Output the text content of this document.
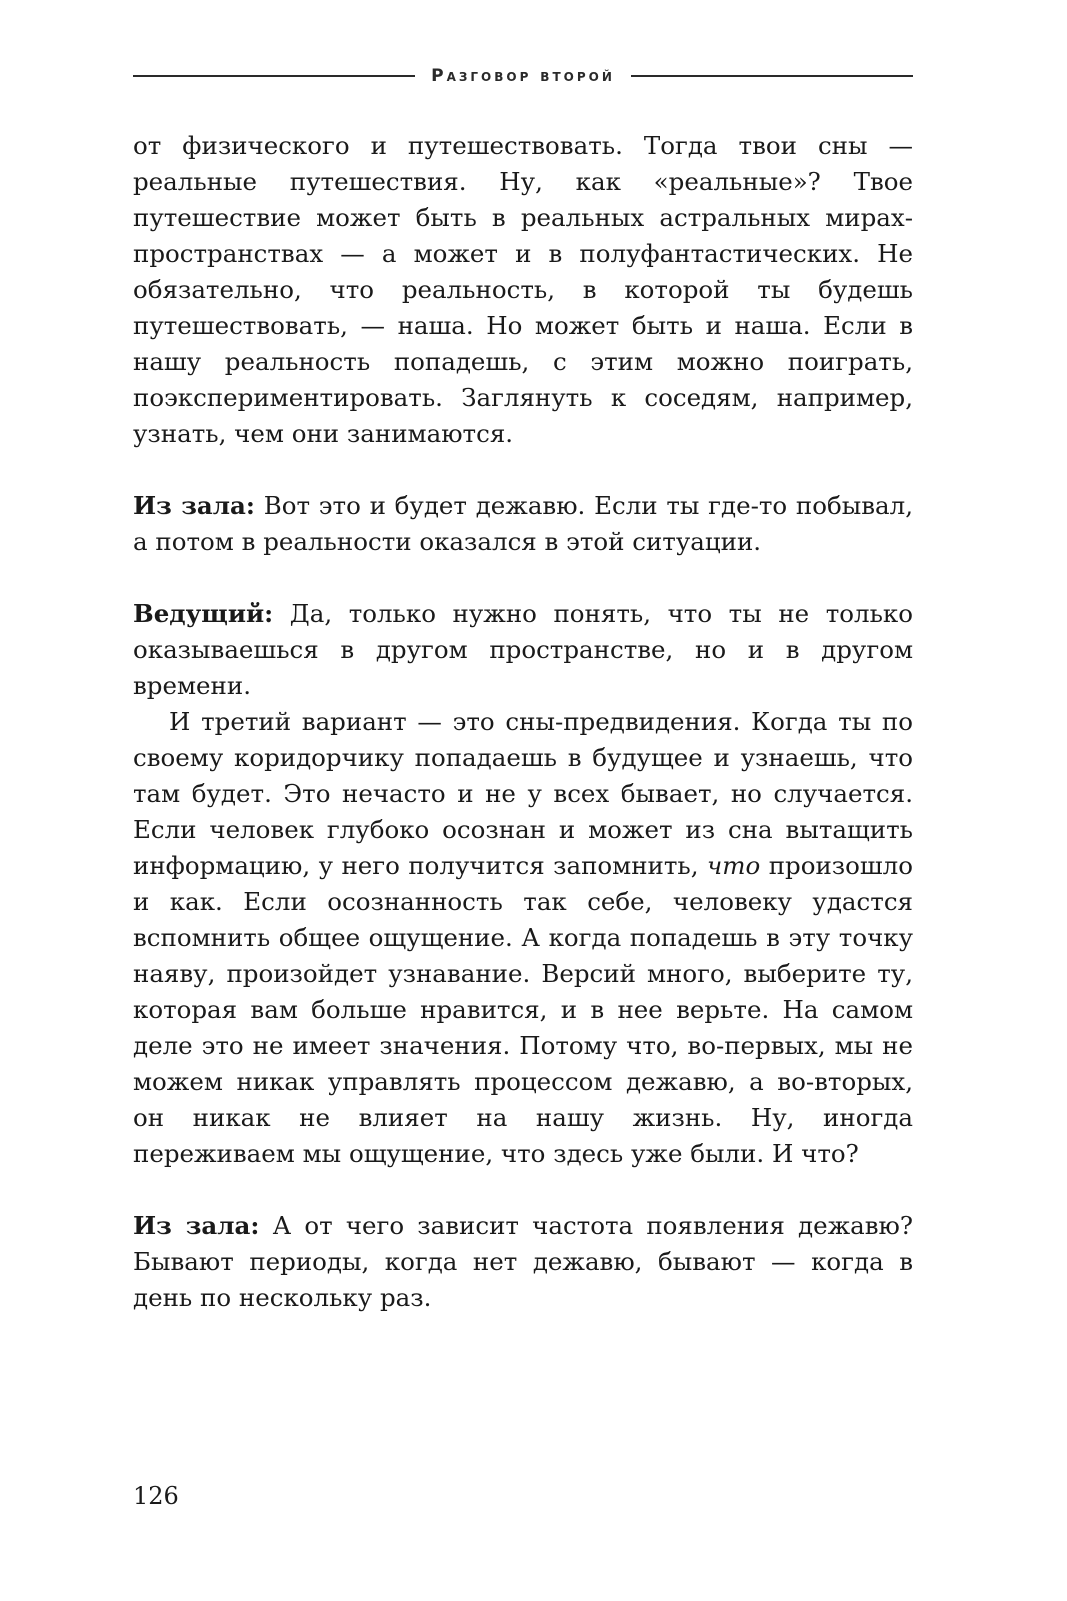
Разговор второй

от физического и путешествовать. Тогда твои сны — реальные путешествия. Ну, как «реальные»? Твое путешествие может быть в реальных астральных мирах-пространствах — а может и в полуфантастических. Не обязательно, что реальность, в которой ты будешь путешествовать, — наша. Но может быть и наша. Если в нашу реальность попадешь, с этим можно поиграть, поэкспериментировать. Заглянуть к соседям, например, узнать, чем они занимаются.

Из зала: Вот это и будет дежавю. Если ты где-то побывал, а потом в реальности оказался в этой ситуации.

Ведущий: Да, только нужно понять, что ты не только оказываешься в другом пространстве, но и в другом времени.

И третий вариант — это сны-предвидения. Когда ты по своему коридорчику попадаешь в будущее и узнаешь, что там будет. Это нечасто и не у всех бывает, но случается. Если человек глубоко осознан и может из сна вытащить информацию, у него получится запомнить, что произошло и как. Если осознанность так себе, человеку удастся вспомнить общее ощущение. А когда попадешь в эту точку наяву, произойдет узнавание. Версий много, выберите ту, которая вам больше нравится, и в нее верьте. На самом деле это не имеет значения. Потому что, во-первых, мы не можем никак управлять процессом дежавю, а во-вторых, он никак не влияет на нашу жизнь. Ну, иногда переживаем мы ощущение, что здесь уже были. И что?

Из зала: А от чего зависит частота появления дежавю? Бывают периоды, когда нет дежавю, бывают — когда в день по нескольку раз.

126
